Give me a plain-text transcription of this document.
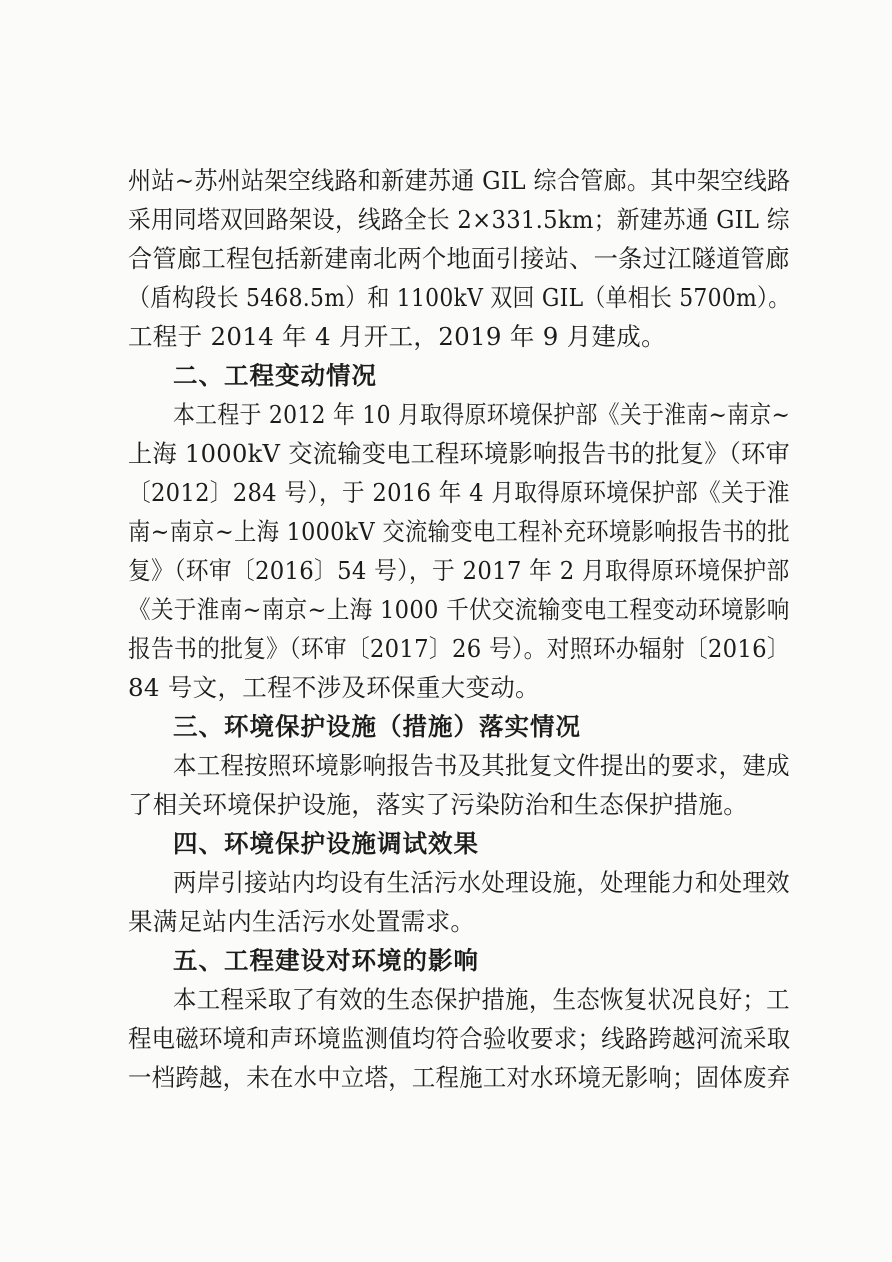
州站~苏州站架空线路和新建苏通 GIL 综合管廊。其中架空线路
采用同塔双回路架设，线路全长 2×331.5km；新建苏通 GIL 综
合管廊工程包括新建南北两个地面引接站、一条过江隧道管廊
（盾构段长 5468.5m）和 1100kV 双回 GIL（单相长 5700m）。
工程于 2014 年 4 月开工，2019 年 9 月建成。
二、工程变动情况
本工程于 2012 年 10 月取得原环境保护部《关于淮南~南京~
上海 1000kV 交流输变电工程环境影响报告书的批复》（环审
〔2012〕284 号），于 2016 年 4 月取得原环境保护部《关于淮
南~南京~上海 1000kV 交流输变电工程补充环境影响报告书的批
复》（环审〔2016〕54 号），于 2017 年 2 月取得原环境保护部
《关于淮南~南京~上海 1000 千伏交流输变电工程变动环境影响
报告书的批复》（环审〔2017〕26 号）。对照环办辐射〔2016〕
84 号文，工程不涉及环保重大变动。
三、环境保护设施（措施）落实情况
本工程按照环境影响报告书及其批复文件提出的要求，建成
了相关环境保护设施，落实了污染防治和生态保护措施。
四、环境保护设施调试效果
两岸引接站内均设有生活污水处理设施，处理能力和处理效
果满足站内生活污水处置需求。
五、工程建设对环境的影响
本工程采取了有效的生态保护措施，生态恢复状况良好；工
程电磁环境和声环境监测值均符合验收要求；线路跨越河流采取
一档跨越，未在水中立塔，工程施工对水环境无影响；固体废弃
